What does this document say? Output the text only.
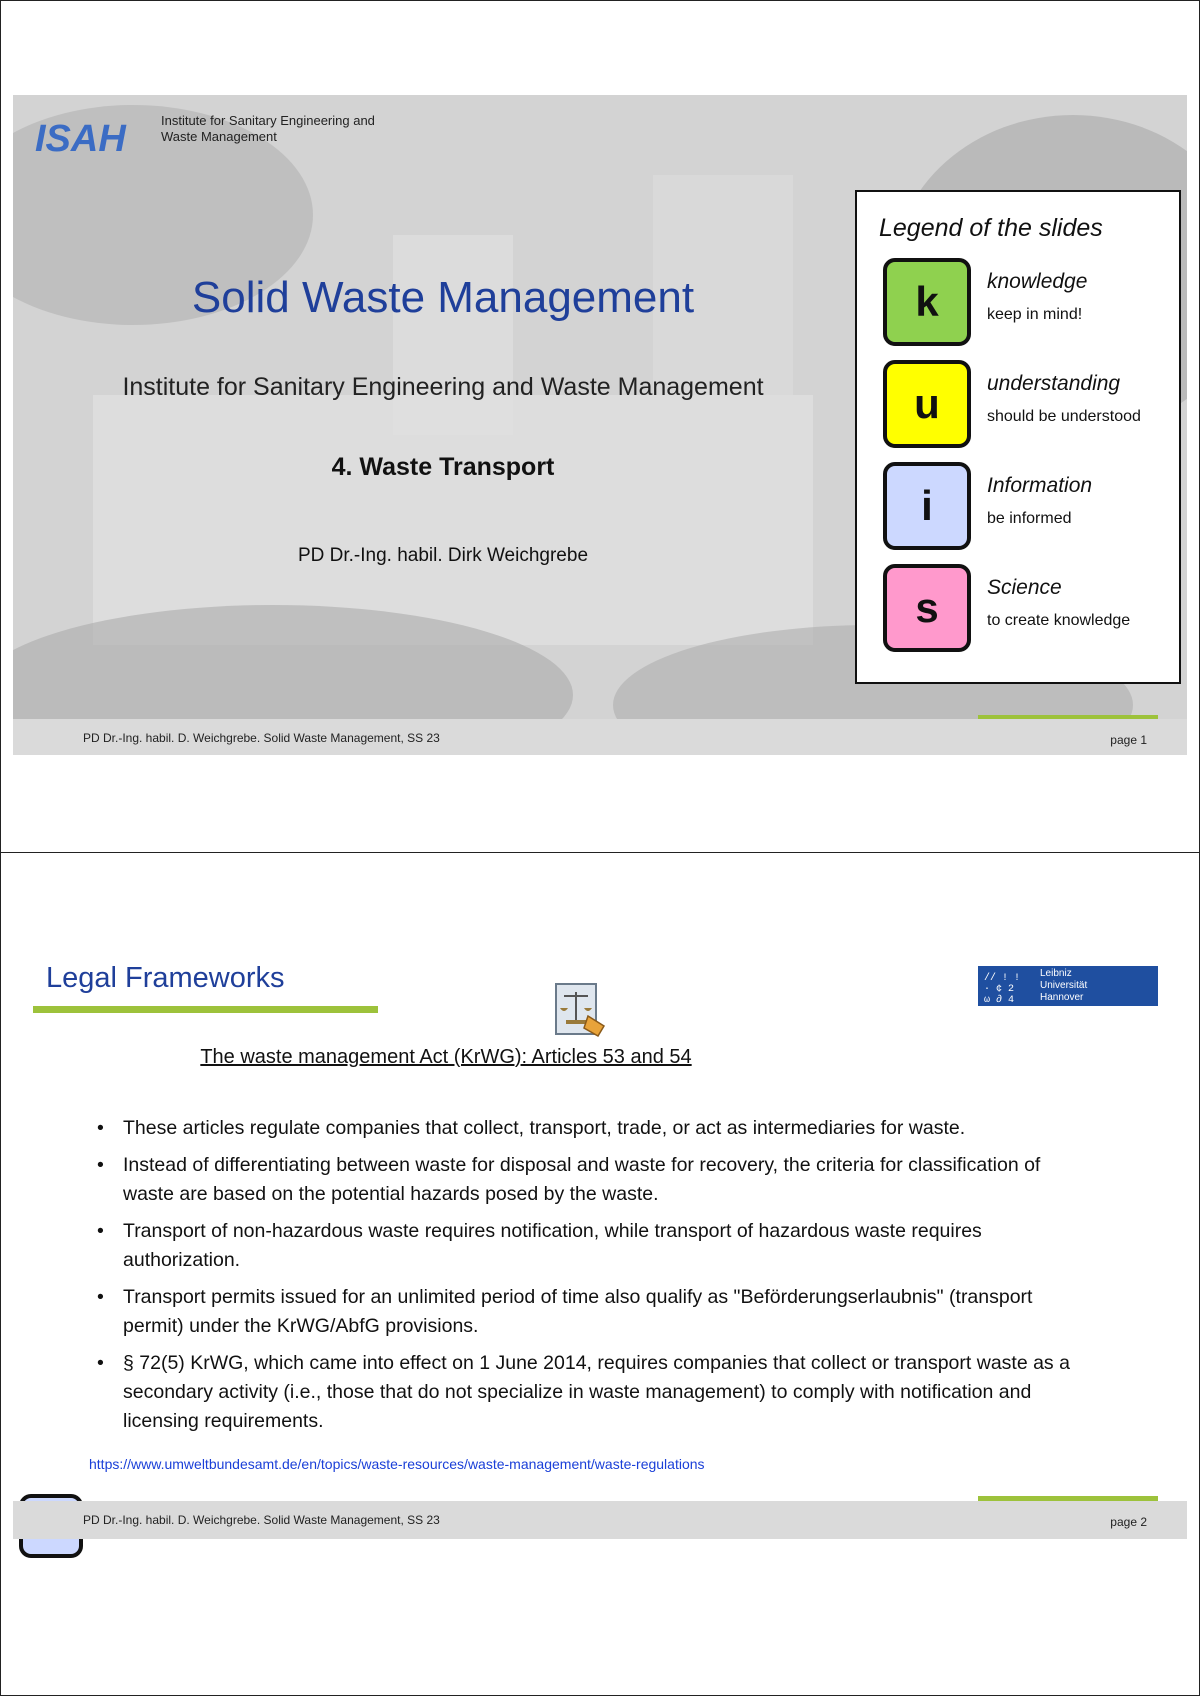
ISAH	Institute for Sanitary Engineering and
Waste Management
Solid Waste Management
Institute for Sanitary Engineering and Waste Management
4. Waste Transport
PD Dr.-Ing. habil. Dirk Weichgrebe
Legend of the slides
k	knowledge
keep in mind!
u	understanding
should be understood
i	Information
be informed
s	Science
to create knowledge
PD Dr.-Ing. habil. D. Weichgrebe. Solid Waste Management, SS 23	page 1
Legal Frameworks	// ! !
· ¢ 2
ω ∂ 4
Leibniz
Universität
Hannover
The waste management Act (KrWG): Articles 53 and 54
• These articles regulate companies that collect, transport, trade, or act as intermediaries for waste.
• Instead of differentiating between waste for disposal and waste for recovery, the criteria for classification of waste are based on the potential hazards posed by the waste.
• Transport of non-hazardous waste requires notification, while transport of hazardous waste requires authorization.
• Transport permits issued for an unlimited period of time also qualify as "Beförderungserlaubnis" (transport permit) under the KrWG/AbfG provisions.
• § 72(5) KrWG, which came into effect on 1 June 2014, requires companies that collect or transport waste as a secondary activity (i.e., those that do not specialize in waste management) to comply with notification and licensing requirements.
https://www.umweltbundesamt.de/en/topics/waste-resources/waste-management/waste-regulations
PD Dr.-Ing. habil. D. Weichgrebe. Solid Waste Management, SS 23	page 2
